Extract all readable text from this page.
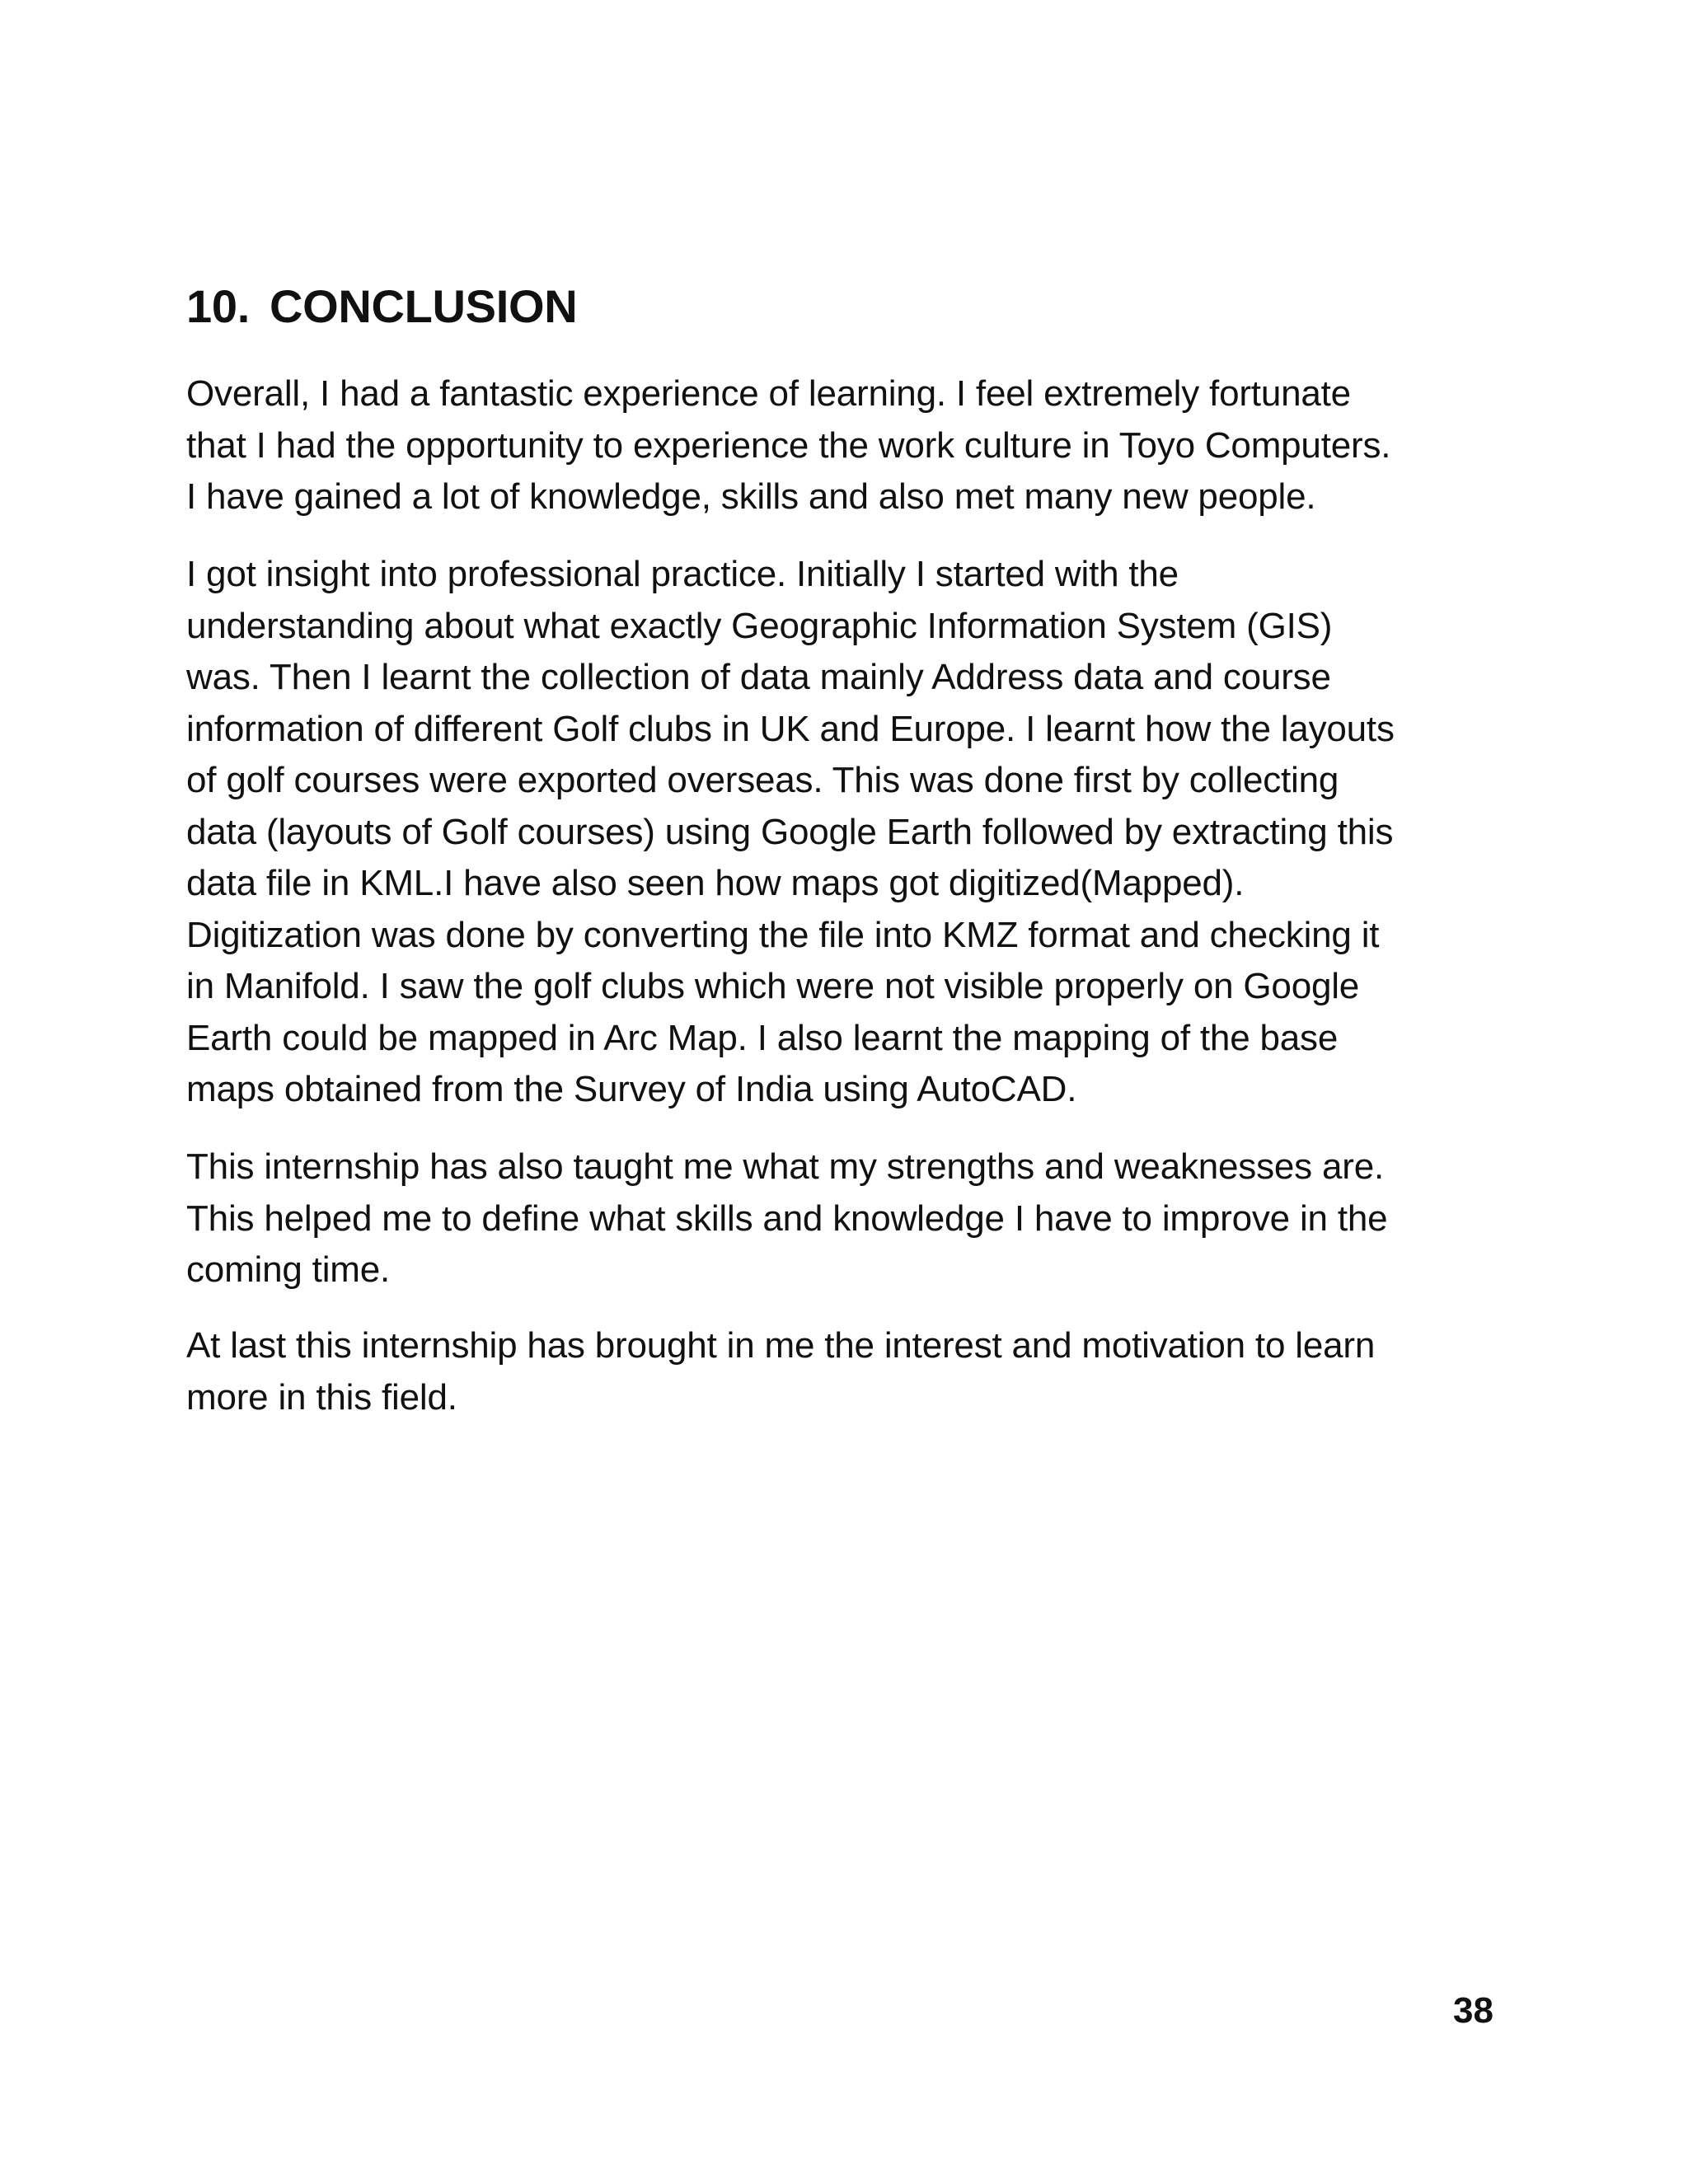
10. CONCLUSION

Overall, I had a fantastic experience of learning. I feel extremely fortunate
that I had the opportunity to experience the work culture in Toyo Computers.
I have gained a lot of knowledge, skills and also met many new people.

I got insight into professional practice. Initially I started with the
understanding about what exactly Geographic Information System (GIS)
was. Then I learnt the collection of data mainly Address data and course
information of different Golf clubs in UK and Europe. I learnt how the layouts
of golf courses were exported overseas. This was done first by collecting
data (layouts of Golf courses) using Google Earth followed by extracting this
data file in KML.I have also seen how maps got digitized(Mapped).
Digitization was done by converting the file into KMZ format and checking it
in Manifold. I saw the golf clubs which were not visible properly on Google
Earth could be mapped in Arc Map. I also learnt the mapping of the base
maps obtained from the Survey of India using AutoCAD.

This internship has also taught me what my strengths and weaknesses are.
This helped me to define what skills and knowledge I have to improve in the
coming time.

At last this internship has brought in me the interest and motivation to learn
more in this field.

38
